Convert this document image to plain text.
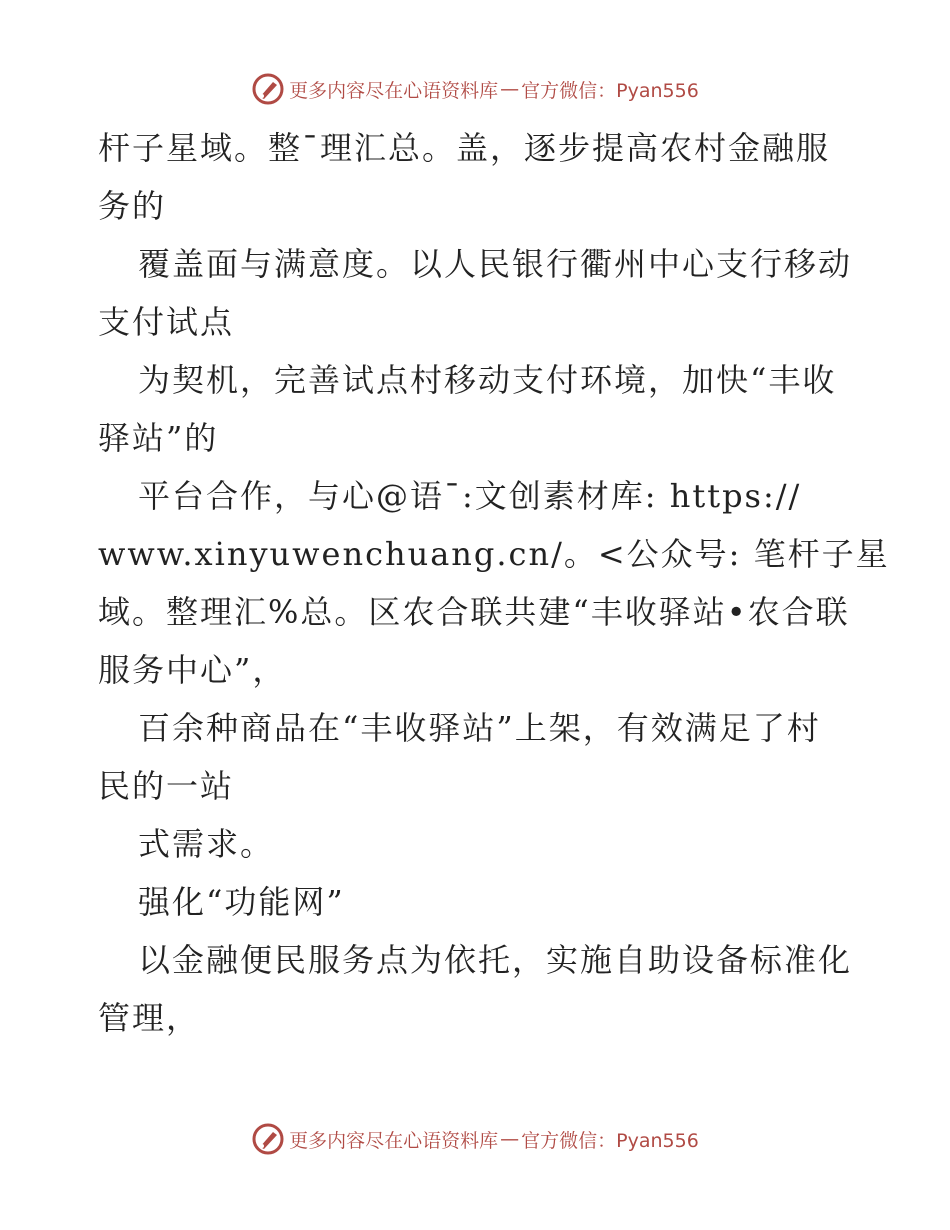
更多内容尽在心语资料库 — 官方微信：Pyan556
杆子星域。整¯理汇总。盖，逐步提高农村金融服
务的
覆盖面与满意度。以人民银行衢州中心支行移动
支付试点
为契机，完善试点村移动支付环境，加快“丰收
驿站”的
平台合作，与心@语¯:文创素材库: https://
www.xinyuwenchuang.cn/。<公众号: 笔杆子星
域。整理汇%总。区农合联共建“丰收驿站•农合联
服务中心”，
百余种商品在“丰收驿站”上架，有效满足了村
民的一站
式需求。
强化“功能网”
以金融便民服务点为依托，实施自助设备标准化
管理，
更多内容尽在心语资料库 — 官方微信：Pyan556
